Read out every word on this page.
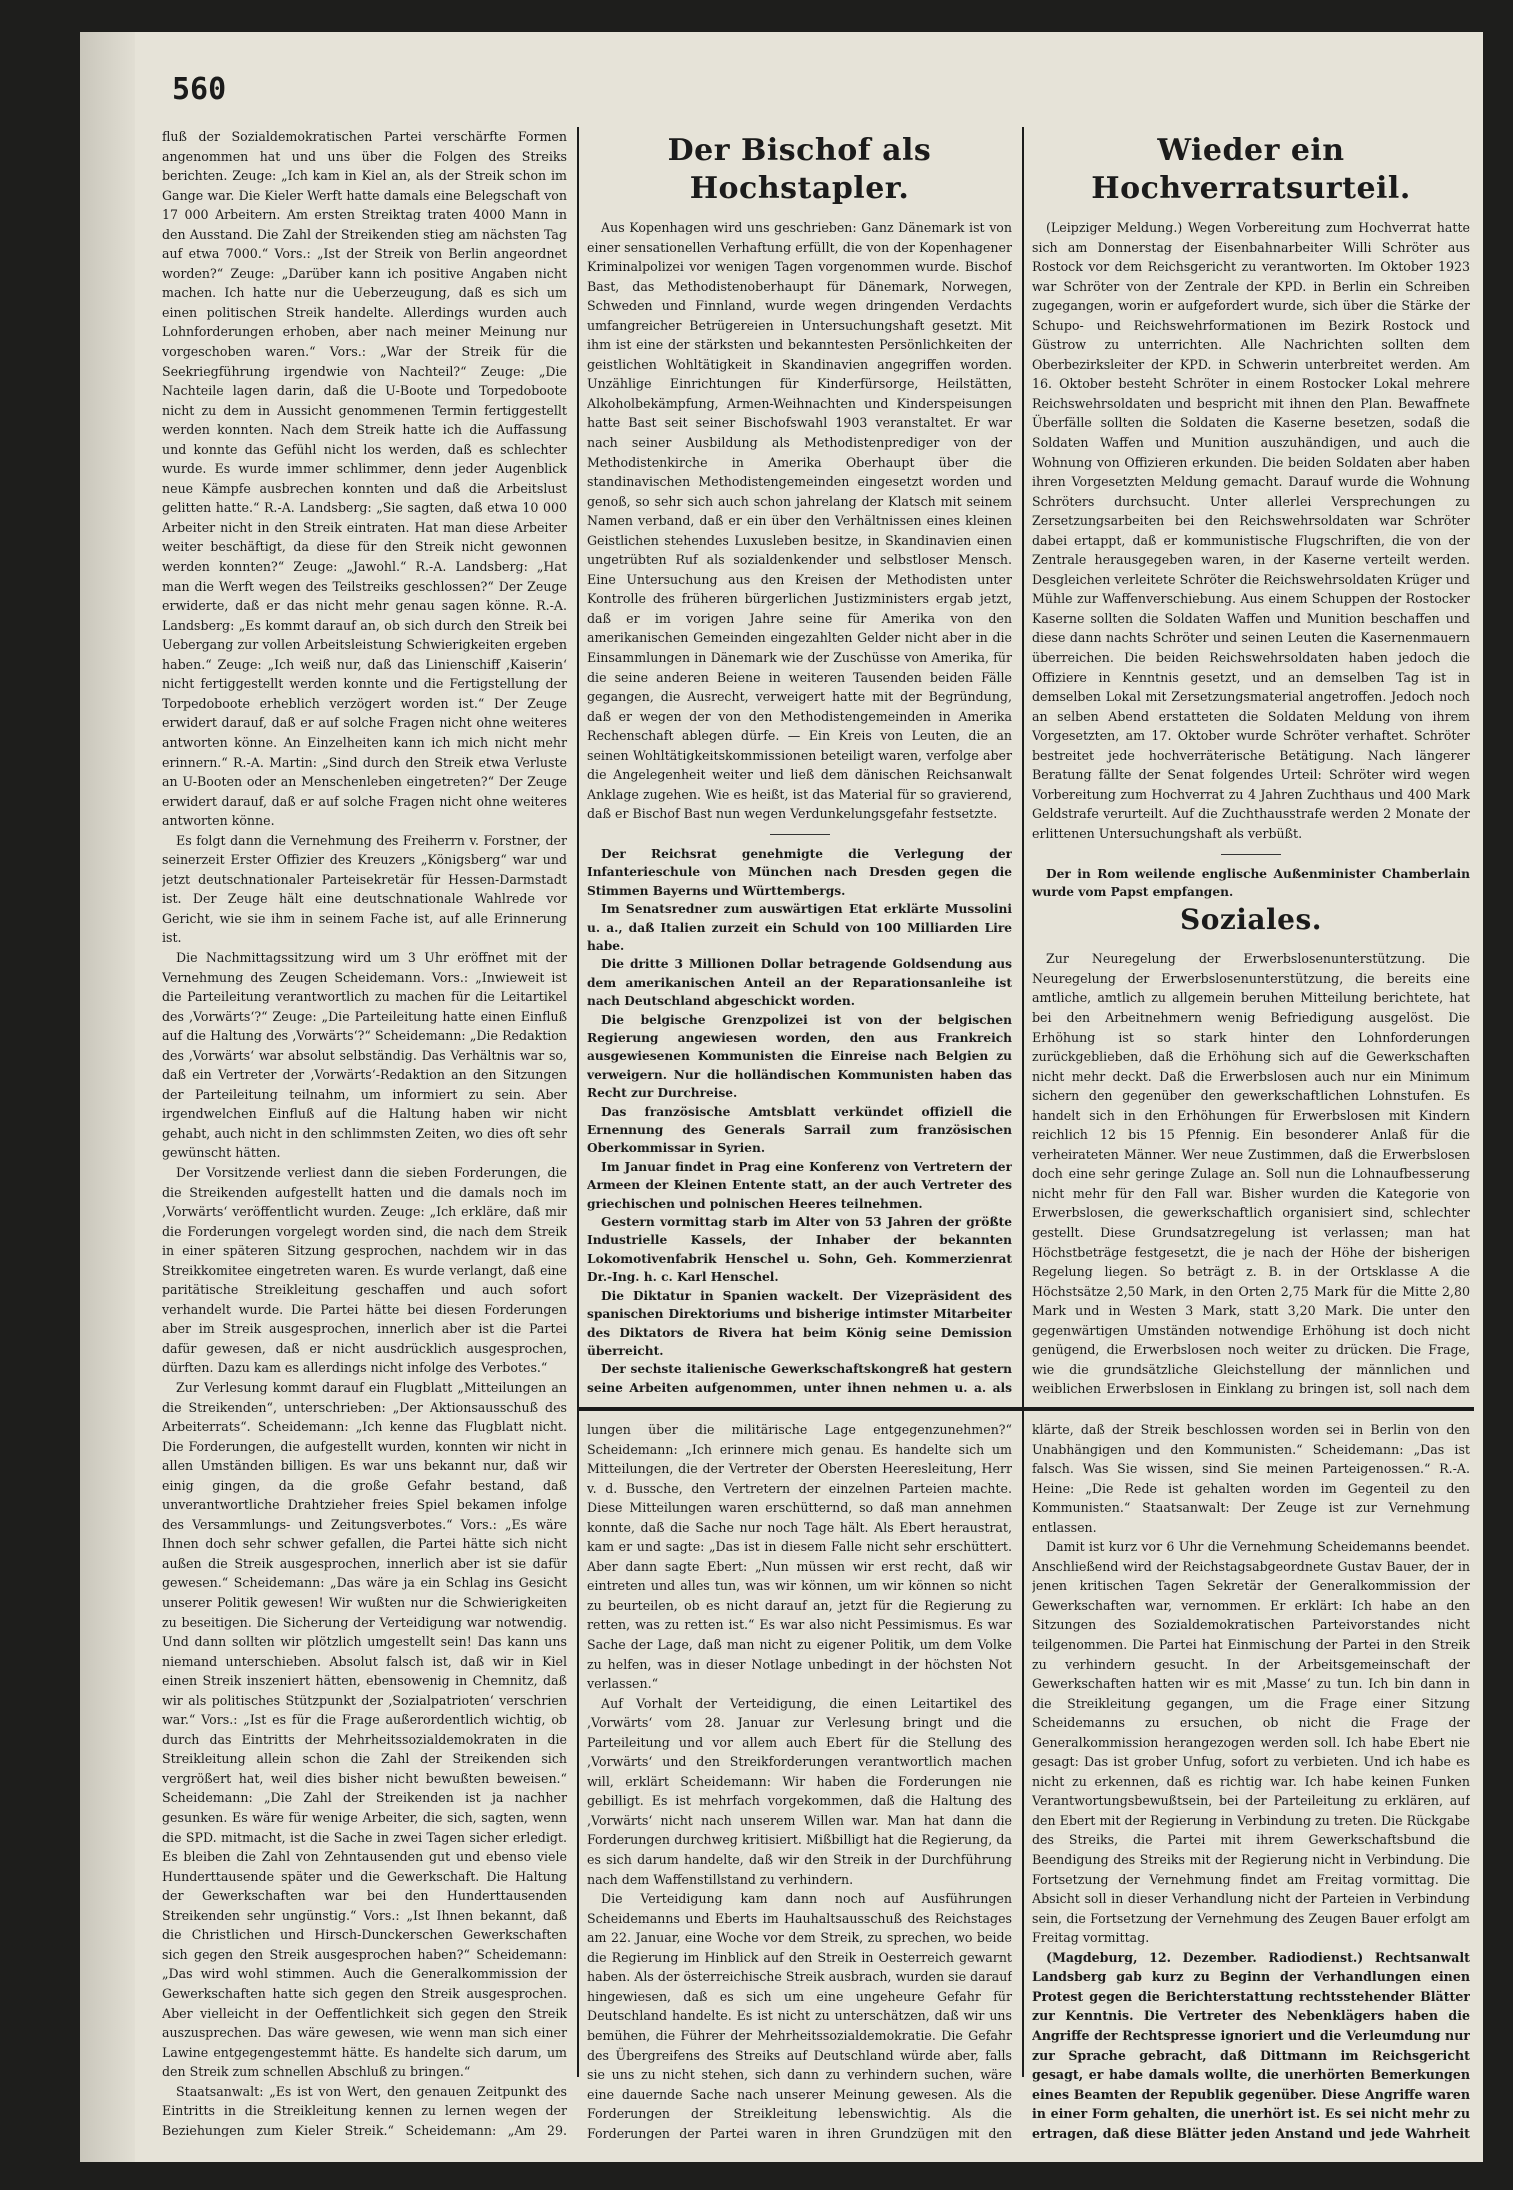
560

fluß der Sozialdemokratischen Partei verschärfte Formen angenommen hat und uns über die Folgen des Streiks berichten. Zeuge: „Ich kam in Kiel an, als der Streik schon im Gange war. Die Kieler Werft hatte damals eine Belegschaft von 17 000 Arbeitern. Am ersten Streiktag traten 4000 Mann in den Ausstand. Die Zahl der Streikenden stieg am nächsten Tag auf etwa 7000.“ Vors.: „Ist der Streik von Berlin angeordnet worden?“ Zeuge: „Darüber kann ich positive Angaben nicht machen. Ich hatte nur die Ueberzeugung, daß es sich um einen politischen Streik handelte. Allerdings wurden auch Lohnforderungen erhoben, aber nach meiner Meinung nur vorgeschoben waren.“ Vors.: „War der Streik für die Seekriegführung irgendwie von Nachteil?“ Zeuge: „Die Nachteile lagen darin, daß die U-Boote und Torpedoboote nicht zu dem in Aussicht genommenen Termin fertiggestellt werden konnten. Nach dem Streik hatte ich die Auffassung und konnte das Gefühl nicht los werden, daß es schlechter wurde. Es wurde immer schlimmer, denn jeder Augenblick neue Kämpfe ausbrechen konnten und daß die Arbeitslust gelitten hatte.“ R.-A. Landsberg: „Sie sagten, daß etwa 10 000 Arbeiter nicht in den Streik eintraten. Hat man diese Arbeiter weiter beschäftigt, da diese für den Streik nicht gewonnen werden konnten?“ Zeuge: „Jawohl.“ R.-A. Landsberg: „Hat man die Werft wegen des Teilstreiks geschlossen?“ Der Zeuge erwiderte, daß er das nicht mehr genau sagen könne. R.-A. Landsberg: „Es kommt darauf an, ob sich durch den Streik bei Uebergang zur vollen Arbeitsleistung Schwierigkeiten ergeben haben.“ Zeuge: „Ich weiß nur, daß das Linienschiff ‚Kaiserin‘ nicht fertiggestellt werden konnte und die Fertigstellung der Torpedoboote erheblich verzögert worden ist.“ Der Zeuge erwidert darauf, daß er auf solche Fragen nicht ohne weiteres antworten könne. An Einzelheiten kann ich mich nicht mehr erinnern.“ R.-A. Martin: „Sind durch den Streik etwa Verluste an U-Booten oder an Menschenleben eingetreten?“ Der Zeuge erwidert darauf, daß er auf solche Fragen nicht ohne weiteres antworten könne.

Es folgt dann die Vernehmung des Freiherrn v. Forstner, der seinerzeit Erster Offizier des Kreuzers „Königsberg“ war und jetzt deutschnationaler Parteisekretär für Hessen-Darmstadt ist. Der Zeuge hält eine deutschnationale Wahlrede vor Gericht, wie sie ihm in seinem Fache ist, auf alle Erinnerung ist.

Die Nachmittagssitzung wird um 3 Uhr eröffnet mit der Vernehmung des Zeugen Scheidemann. Vors.: „Inwieweit ist die Parteileitung verantwortlich zu machen für die Leitartikel des ‚Vorwärts‘?“ Zeuge: „Die Parteileitung hatte einen Einfluß auf die Haltung des ‚Vorwärts‘?“ Scheidemann: „Die Redaktion des ‚Vorwärts‘ war absolut selbständig. Das Verhältnis war so, daß ein Vertreter der ‚Vorwärts‘-Redaktion an den Sitzungen der Parteileitung teilnahm, um informiert zu sein. Aber irgendwelchen Einfluß auf die Haltung haben wir nicht gehabt, auch nicht in den schlimmsten Zeiten, wo dies oft sehr gewünscht hätten.

Der Vorsitzende verliest dann die sieben Forderungen, die die Streikenden aufgestellt hatten und die damals noch im ‚Vorwärts‘ veröffentlicht wurden. Zeuge: „Ich erkläre, daß mir die Forderungen vorgelegt worden sind, die nach dem Streik in einer späteren Sitzung gesprochen, nachdem wir in das Streikkomitee eingetreten waren. Es wurde verlangt, daß eine paritätische Streikleitung geschaffen und auch sofort verhandelt wurde. Die Partei hätte bei diesen Forderungen aber im Streik ausgesprochen, innerlich aber ist die Partei dafür gewesen, daß er nicht ausdrücklich ausgesprochen, dürften. Dazu kam es allerdings nicht infolge des Verbotes.“

Zur Verlesung kommt darauf ein Flugblatt „Mitteilungen an die Streikenden“, unterschrieben: „Der Aktionsausschuß des Arbeiterrats“. Scheidemann: „Ich kenne das Flugblatt nicht. Die Forderungen, die aufgestellt wurden, konnten wir nicht in allen Umständen billigen. Es war uns bekannt nur, daß wir einig gingen, da die große Gefahr bestand, daß unverantwortliche Drahtzieher freies Spiel bekamen infolge des Versammlungs- und Zeitungsverbotes.“ Vors.: „Es wäre Ihnen doch sehr schwer gefallen, die Partei hätte sich nicht außen die Streik ausgesprochen, innerlich aber ist sie dafür gewesen.“ Scheidemann: „Das wäre ja ein Schlag ins Gesicht unserer Politik gewesen! Wir wußten nur die Schwierigkeiten zu beseitigen. Die Sicherung der Verteidigung war notwendig. Und dann sollten wir plötzlich umgestellt sein! Das kann uns niemand unterschieben. Absolut falsch ist, daß wir in Kiel einen Streik inszeniert hätten, ebensowenig in Chemnitz, daß wir als politisches Stützpunkt der ‚Sozialpatrioten‘ verschrien war.“ Vors.: „Ist es für die Frage außerordentlich wichtig, ob durch das Eintritts der Mehrheitssozialdemokraten in die Streikleitung allein schon die Zahl der Streikenden sich vergrößert hat, weil dies bisher nicht bewußten beweisen.“ Scheidemann: „Die Zahl der Streikenden ist ja nachher gesunken. Es wäre für wenige Arbeiter, die sich, sagten, wenn die SPD. mitmacht, ist die Sache in zwei Tagen sicher erledigt. Es bleiben die Zahl von Zehntausenden gut und ebenso viele Hunderttausende später und die Gewerkschaft. Die Haltung der Gewerkschaften war bei den Hunderttausenden Streikenden sehr ungünstig.“ Vors.: „Ist Ihnen bekannt, daß die Christlichen und Hirsch-Dunckerschen Gewerkschaften sich gegen den Streik ausgesprochen haben?“ Scheidemann: „Das wird wohl stimmen. Auch die Generalkommission der Gewerkschaften hatte sich gegen den Streik ausgesprochen. Aber vielleicht in der Oeffentlichkeit sich gegen den Streik auszusprechen. Das wäre gewesen, wie wenn man sich einer Lawine entgegengestemmt hätte. Es handelte sich darum, um den Streik zum schnellen Abschluß zu bringen.“

Staatsanwalt: „Es ist von Wert, den genauen Zeitpunkt des Eintritts in die Streikleitung kennen zu lernen wegen der Beziehungen zum Kieler Streik.“ Scheidemann: „Am 29.

Der Bischof als Hochstapler.

Aus Kopenhagen wird uns geschrieben: Ganz Dänemark ist von einer sensationellen Verhaftung erfüllt, die von der Kopenhagener Kriminalpolizei vor wenigen Tagen vorgenommen wurde. Bischof Bast, das Methodistenoberhaupt für Dänemark, Norwegen, Schweden und Finnland, wurde wegen dringenden Verdachts umfangreicher Betrügereien in Untersuchungshaft gesetzt. Mit ihm ist eine der stärksten und bekanntesten Persönlichkeiten der geistlichen Wohltätigkeit in Skandinavien angegriffen worden. Unzählige Einrichtungen für Kinderfürsorge, Heilstätten, Alkoholbekämpfung, Armen-Weihnachten und Kinderspeisungen hatte Bast seit seiner Bischofswahl 1903 veranstaltet. Er war nach seiner Ausbildung als Methodistenprediger von der Methodistenkirche in Amerika Oberhaupt über die standinavischen Methodistengemeinden eingesetzt worden und genoß, so sehr sich auch schon jahrelang der Klatsch mit seinem Namen verband, daß er ein über den Verhältnissen eines kleinen Geistlichen stehendes Luxusleben besitze, in Skandinavien einen ungetrübten Ruf als sozialdenkender und selbstloser Mensch. Eine Untersuchung aus den Kreisen der Methodisten unter Kontrolle des früheren bürgerlichen Justizministers ergab jetzt, daß er im vorigen Jahre seine für Amerika von den amerikanischen Gemeinden eingezahlten Gelder nicht aber in die Einsammlungen in Dänemark wie der Zuschüsse von Amerika, für die seine anderen Beiene in weiteren Tausenden beiden Fälle gegangen, die Ausrecht, verweigert hatte mit der Begründung, daß er wegen der von den Methodistengemeinden in Amerika Rechenschaft ablegen dürfe. — Ein Kreis von Leuten, die an seinen Wohltätigkeitskommissionen beteiligt waren, verfolge aber die Angelegenheit weiter und ließ dem dänischen Reichsanwalt Anklage zugehen. Wie es heißt, ist das Material für so gravierend, daß er Bischof Bast nun wegen Verdunkelungsgefahr festsetzte.

Der Reichsrat genehmigte die Verlegung der Infanterieschule von München nach Dresden gegen die Stimmen Bayerns und Württembergs.

Im Senatsredner zum auswärtigen Etat erklärte Mussolini u. a., daß Italien zurzeit ein Schuld von 100 Milliarden Lire habe.

Die dritte 3 Millionen Dollar betragende Goldsendung aus dem amerikanischen Anteil an der Reparationsanleihe ist nach Deutschland abgeschickt worden.

Die belgische Grenzpolizei ist von der belgischen Regierung angewiesen worden, den aus Frankreich ausgewiesenen Kommunisten die Einreise nach Belgien zu verweigern. Nur die holländischen Kommunisten haben das Recht zur Durchreise.

Das französische Amtsblatt verkündet offiziell die Ernennung des Generals Sarrail zum französischen Oberkommissar in Syrien.

Im Januar findet in Prag eine Konferenz von Vertretern der Armeen der Kleinen Entente statt, an der auch Vertreter des griechischen und polnischen Heeres teilnehmen.

Gestern vormittag starb im Alter von 53 Jahren der größte Industrielle Kassels, der Inhaber der bekannten Lokomotivenfabrik Henschel u. Sohn, Geh. Kommerzienrat Dr.-Ing. h. c. Karl Henschel.

Die Diktatur in Spanien wackelt. Der Vizepräsident des spanischen Direktoriums und bisherige intimster Mitarbeiter des Diktators de Rivera hat beim König seine Demission überreicht.

Der sechste italienische Gewerkschaftskongreß hat gestern seine Arbeiten aufgenommen, unter ihnen nehmen u. a. als

Wieder ein Hochverratsurteil.

(Leipziger Meldung.) Wegen Vorbereitung zum Hochverrat hatte sich am Donnerstag der Eisenbahnarbeiter Willi Schröter aus Rostock vor dem Reichsgericht zu verantworten. Im Oktober 1923 war Schröter von der Zentrale der KPD. in Berlin ein Schreiben zugegangen, worin er aufgefordert wurde, sich über die Stärke der Schupo- und Reichswehrformationen im Bezirk Rostock und Güstrow zu unterrichten. Alle Nachrichten sollten dem Oberbezirksleiter der KPD. in Schwerin unterbreitet werden. Am 16. Oktober besteht Schröter in einem Rostocker Lokal mehrere Reichswehrsoldaten und bespricht mit ihnen den Plan. Bewaffnete Überfälle sollten die Soldaten die Kaserne besetzen, sodaß die Soldaten Waffen und Munition auszuhändigen, und auch die Wohnung von Offizieren erkunden. Die beiden Soldaten aber haben ihren Vorgesetzten Meldung gemacht. Darauf wurde die Wohnung Schröters durchsucht. Unter allerlei Versprechungen zu Zersetzungsarbeiten bei den Reichswehrsoldaten war Schröter dabei ertappt, daß er kommunistische Flugschriften, die von der Zentrale herausgegeben waren, in der Kaserne verteilt werden. Desgleichen verleitete Schröter die Reichswehrsoldaten Krüger und Mühle zur Waffenverschiebung. Aus einem Schuppen der Rostocker Kaserne sollten die Soldaten Waffen und Munition beschaffen und diese dann nachts Schröter und seinen Leuten die Kasernenmauern überreichen. Die beiden Reichswehrsoldaten haben jedoch die Offiziere in Kenntnis gesetzt, und an demselben Tag ist in demselben Lokal mit Zersetzungsmaterial angetroffen. Jedoch noch an selben Abend erstatteten die Soldaten Meldung von ihrem Vorgesetzten, am 17. Oktober wurde Schröter verhaftet. Schröter bestreitet jede hochverräterische Betätigung. Nach längerer Beratung fällte der Senat folgendes Urteil: Schröter wird wegen Vorbereitung zum Hochverrat zu 4 Jahren Zuchthaus und 400 Mark Geldstrafe verurteilt. Auf die Zuchthausstrafe werden 2 Monate der erlittenen Untersuchungshaft als verbüßt.

Der in Rom weilende englische Außenminister Chamberlain wurde vom Papst empfangen.

Soziales.

Zur Neuregelung der Erwerbslosenunterstützung. Die Neuregelung der Erwerbslosenunterstützung, die bereits eine amtliche, amtlich zu allgemein beruhen Mitteilung berichtete, hat bei den Arbeitnehmern wenig Befriedigung ausgelöst. Die Erhöhung ist so stark hinter den Lohnforderungen zurückgeblieben, daß die Erhöhung sich auf die Gewerkschaften nicht mehr deckt. Daß die Erwerbslosen auch nur ein Minimum sichern den gegenüber den gewerkschaftlichen Lohnstufen. Es handelt sich in den Erhöhungen für Erwerbslosen mit Kindern reichlich 12 bis 15 Pfennig. Ein besonderer Anlaß für die verheirateten Männer. Wer neue Zustimmen, daß die Erwerbslosen doch eine sehr geringe Zulage an. Soll nun die Lohnaufbesserung nicht mehr für den Fall war. Bisher wurden die Kategorie von Erwerbslosen, die gewerkschaftlich organisiert sind, schlechter gestellt. Diese Grundsatzregelung ist verlassen; man hat Höchstbeträge festgesetzt, die je nach der Höhe der bisherigen Regelung liegen. So beträgt z. B. in der Ortsklasse A die Höchstsätze 2,50 Mark, in den Orten 2,75 Mark für die Mitte 2,80 Mark und in Westen 3 Mark, statt 3,20 Mark. Die unter den gegenwärtigen Umständen notwendige Erhöhung ist doch nicht genügend, die Erwerbslosen noch weiter zu drücken. Die Frage, wie die grundsätzliche Gleichstellung der männlichen und weiblichen Erwerbslosen in Einklang zu bringen ist, soll nach dem

lungen über die militärische Lage entgegenzunehmen?“ Scheidemann: „Ich erinnere mich genau. Es handelte sich um Mitteilungen, die der Vertreter der Obersten Heeresleitung, Herr v. d. Bussche, den Vertretern der einzelnen Parteien machte. Diese Mitteilungen waren erschütternd, so daß man annehmen konnte, daß die Sache nur noch Tage hält. Als Ebert heraustrat, kam er und sagte: „Das ist in diesem Falle nicht sehr erschüttert. Aber dann sagte Ebert: „Nun müssen wir erst recht, daß wir eintreten und alles tun, was wir können, um wir können so nicht zu beurteilen, ob es nicht darauf an, jetzt für die Regierung zu retten, was zu retten ist.“ Es war also nicht Pessimismus. Es war Sache der Lage, daß man nicht zu eigener Politik, um dem Volke zu helfen, was in dieser Notlage unbedingt in der höchsten Not verlassen.“

Auf Vorhalt der Verteidigung, die einen Leitartikel des ‚Vorwärts‘ vom 28. Januar zur Verlesung bringt und die Parteileitung und vor allem auch Ebert für die Stellung des ‚Vorwärts‘ und den Streikforderungen verantwortlich machen will, erklärt Scheidemann: Wir haben die Forderungen nie gebilligt. Es ist mehrfach vorgekommen, daß die Haltung des ‚Vorwärts‘ nicht nach unserem Willen war. Man hat dann die Forderungen durchweg kritisiert. Mißbilligt hat die Regierung, da es sich darum handelte, daß wir den Streik in der Durchführung nach dem Waffenstillstand zu verhindern.

Die Verteidigung kam dann noch auf Ausführungen Scheidemanns und Eberts im Hauhaltsausschuß des Reichstages am 22. Januar, eine Woche vor dem Streik, zu sprechen, wo beide die Regierung im Hinblick auf den Streik in Oesterreich gewarnt haben. Als der österreichische Streik ausbrach, wurden sie darauf hingewiesen, daß es sich um eine ungeheure Gefahr für Deutschland handelte. Es ist nicht zu unterschätzen, daß wir uns bemühen, die Führer der Mehrheitssozialdemokratie. Die Gefahr des Übergreifens des Streiks auf Deutschland würde aber, falls sie uns zu nicht stehen, sich dann zu verhindern suchen, wäre eine dauernde Sache nach unserer Meinung gewesen. Als die Forderungen der Streikleitung lebenswichtig. Als die Forderungen der Partei waren in ihren Grundzügen mit den

klärte, daß der Streik beschlossen worden sei in Berlin von den Unabhängigen und den Kommunisten.“ Scheidemann: „Das ist falsch. Was Sie wissen, sind Sie meinen Parteigenossen.“ R.-A. Heine: „Die Rede ist gehalten worden im Gegenteil zu den Kommunisten.“ Staatsanwalt: Der Zeuge ist zur Vernehmung entlassen.

Damit ist kurz vor 6 Uhr die Vernehmung Scheidemanns beendet. Anschließend wird der Reichstagsabgeordnete Gustav Bauer, der in jenen kritischen Tagen Sekretär der Generalkommission der Gewerkschaften war, vernommen. Er erklärt: Ich habe an den Sitzungen des Sozialdemokratischen Parteivorstandes nicht teilgenommen. Die Partei hat Einmischung der Partei in den Streik zu verhindern gesucht. In der Arbeitsgemeinschaft der Gewerkschaften hatten wir es mit ‚Masse‘ zu tun. Ich bin dann in die Streikleitung gegangen, um die Frage einer Sitzung Scheidemanns zu ersuchen, ob nicht die Frage der Generalkommission herangezogen werden soll. Ich habe Ebert nie gesagt: Das ist grober Unfug, sofort zu verbieten. Und ich habe es nicht zu erkennen, daß es richtig war. Ich habe keinen Funken Verantwortungsbewußtsein, bei der Parteileitung zu erklären, auf den Ebert mit der Regierung in Verbindung zu treten. Die Rückgabe des Streiks, die Partei mit ihrem Gewerkschaftsbund die Beendigung des Streiks mit der Regierung nicht in Verbindung. Die Fortsetzung der Vernehmung findet am Freitag vormittag. Die Absicht soll in dieser Verhandlung nicht der Parteien in Verbindung sein, die Fortsetzung der Vernehmung des Zeugen Bauer erfolgt am Freitag vormittag.

(Magdeburg, 12. Dezember. Radiodienst.) Rechtsanwalt Landsberg gab kurz zu Beginn der Verhandlungen einen Protest gegen die Berichterstattung rechtsstehender Blätter zur Kenntnis. Die Vertreter des Nebenklägers haben die Angriffe der Rechtspresse ignoriert und die Verleumdung nur zur Sprache gebracht, daß Dittmann im Reichsgericht gesagt, er habe damals wollte, die unerhörten Bemerkungen eines Beamten der Republik gegenüber. Diese Angriffe waren in einer Form gehalten, die unerhört ist. Es sei nicht mehr zu ertragen, daß diese Blätter jeden Anstand und jede Wahrheit
